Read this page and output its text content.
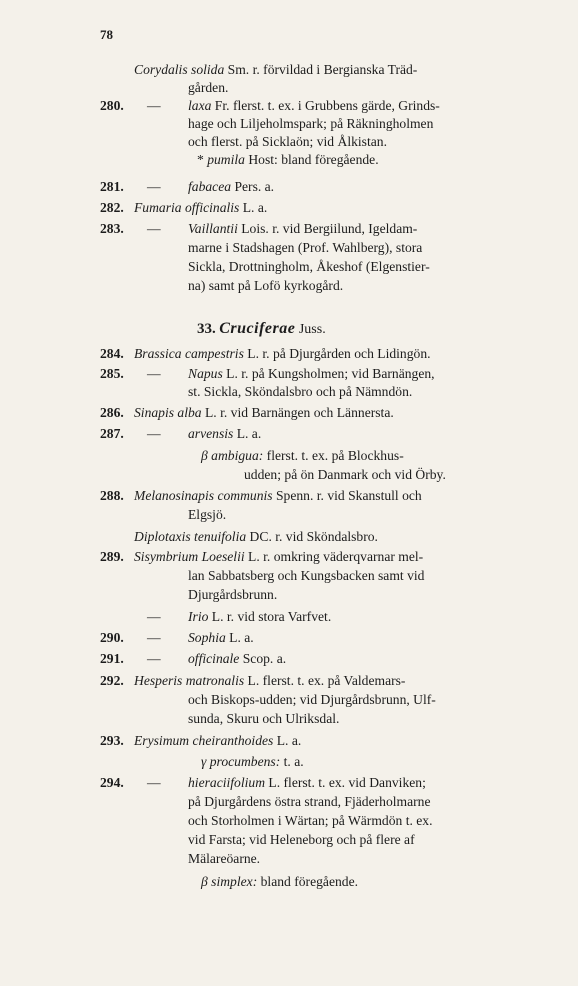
78
Corydalis solida Sm. r. förvildad i Bergianska Träd-
gården.
280. — laxa Fr. flerst. t. ex. i Grubbens gärde, Grinds-
hage och Liljeholmspark; på Räkningholmen
och flerst. på Sicklaön; vid Ålkistan.
* pumila Host: bland föregående.
281. — fabacea Pers. a.
282. Fumaria officinalis L. a.
283. — Vaillantii Lois. r. vid Bergiilund, Igeldam-
marne i Stadshagen (Prof. Wahlberg), stora
Sickla, Drottningholm, Åkeshof (Elgenstier-
na) samt på Lofö kyrkogård.
33. Cruciferae Juss.
284. Brassica campestris L. r. på Djurgården och Lidingön.
285. — Napus L. r. på Kungsholmen; vid Barnängen,
st. Sickla, Sköndalsbro och på Nämndön.
286. Sinapis alba L. r. vid Barnängen och Lännersta.
287. — arvensis L. a.
β ambigua: flerst. t. ex. på Blockhus-
udden; på ön Danmark och vid Örby.
288. Melanosinapis communis Spenn. r. vid Skanstull och
Elgsjö.
Diplotaxis tenuifolia DC. r. vid Sköndalsbro.
289. Sisymbrium Loeselii L. r. omkring väderqvarnar mel-
lan Sabbatsberg och Kungsbacken samt vid
Djurgårdsbrunn.
— Irio L. r. vid stora Varfvet.
290. — Sophia L. a.
291. — officinale Scop. a.
292. Hesperis matronalis L. flerst. t. ex. på Valdemars-
och Biskops-udden; vid Djurgårdsbrunn, Ulf-
sunda, Skuru och Ulriksdal.
293. Erysimum cheiranthoides L. a.
γ procumbens: t. a.
294. — hieraciifolium L. flerst. t. ex. vid Danviken;
på Djurgårdens östra strand, Fjäderholmarne
och Storholmen i Wärtan; på Wärmdön t. ex.
vid Farsta; vid Heleneborg och på flere af
Mälareöarne.
β simplex: bland föregående.
